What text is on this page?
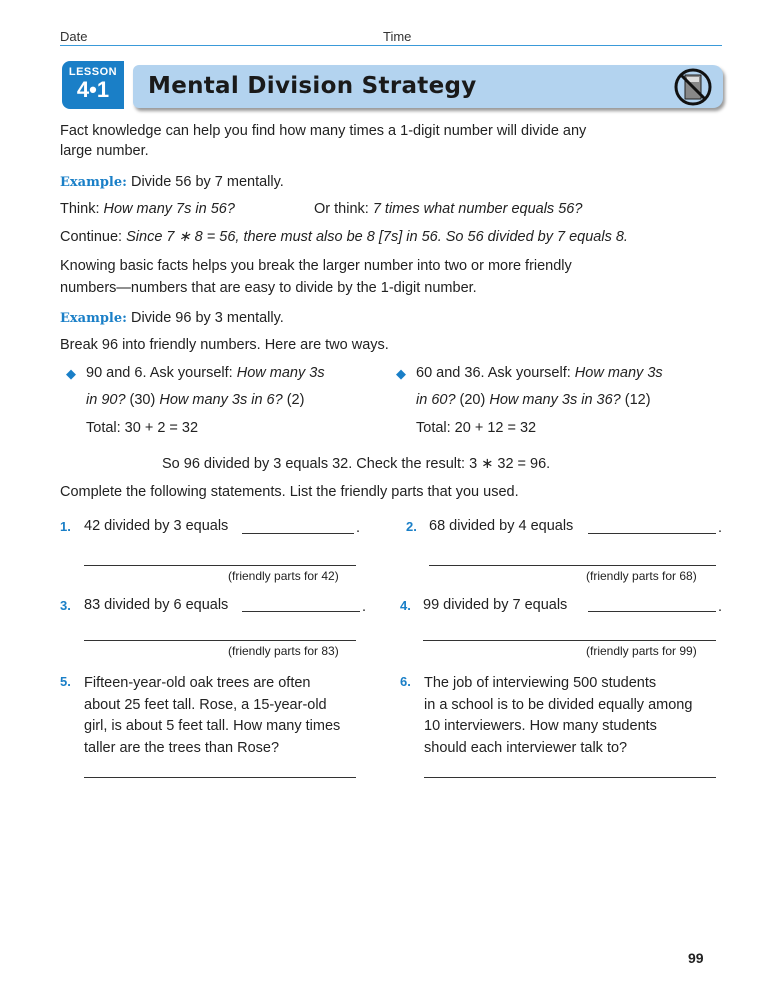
Date	Time
LESSON
4•1	Mental Division Strategy
Fact knowledge can help you find how many times a 1-digit number will divide any
large number.
Example: Divide 56 by 7 mentally.
Think: How many 7s in 56?	Or think: 7 times what number equals 56?
Continue: Since 7 ∗ 8 = 56, there must also be 8 [7s] in 56. So 56 divided by 7 equals 8.
Knowing basic facts helps you break the larger number into two or more friendly
numbers—numbers that are easy to divide by the 1-digit number.
Example: Divide 96 by 3 mentally.
Break 96 into friendly numbers. Here are two ways.
◆ 90 and 6. Ask yourself: How many 3s
in 90? (30) How many 3s in 6? (2)
Total: 30 + 2 = 32
◆ 60 and 36. Ask yourself: How many 3s
in 60? (20) How many 3s in 36? (12)
Total: 20 + 12 = 32
So 96 divided by 3 equals 32. Check the result: 3 ∗ 32 = 96.
Complete the following statements. List the friendly parts that you used.
1. 42 divided by 3 equals	.
(friendly parts for 42)
2. 68 divided by 4 equals	.
(friendly parts for 68)
3. 83 divided by 6 equals	.
(friendly parts for 83)
4. 99 divided by 7 equals	.
(friendly parts for 99)
5. Fifteen-year-old oak trees are often
about 25 feet tall. Rose, a 15-year-old
girl, is about 5 feet tall. How many times
taller are the trees than Rose?
6. The job of interviewing 500 students
in a school is to be divided equally among
10 interviewers. How many students
should each interviewer talk to?
99
